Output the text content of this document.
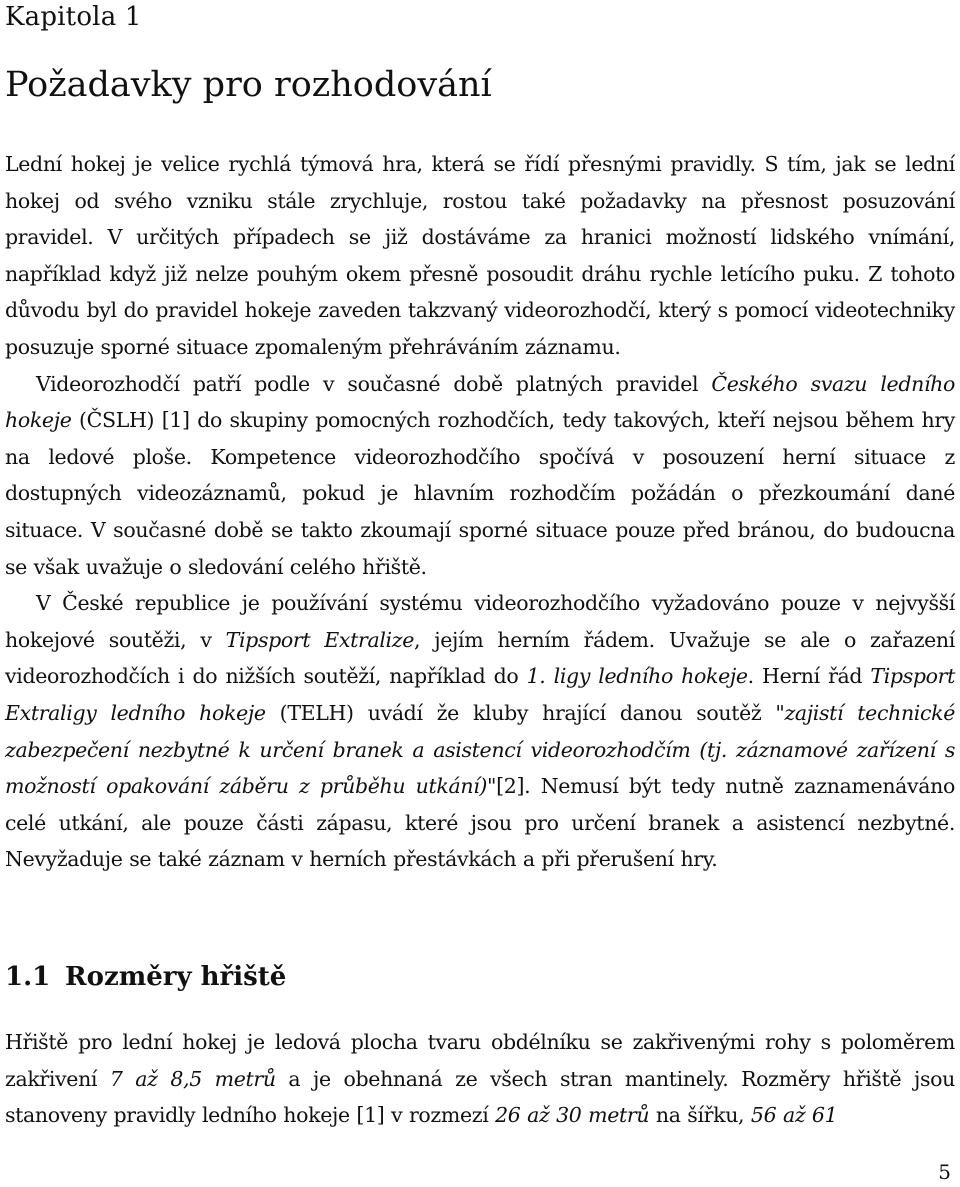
Kapitola 1
Požadavky pro rozhodování

Lední hokej je velice rychlá týmová hra, která se řídí přesnými pravidly. S tím, jak se lední hokej od svého vzniku stále zrychluje, rostou také požadavky na přesnost posuzování pravidel. V určitých případech se již dostáváme za hranici možností lidského vnímání, například když již nelze pouhým okem přesně posoudit dráhu rychle letícího puku. Z tohoto důvodu byl do pravidel hokeje zaveden takzvaný videorozhodčí, který s pomocí videotechniky posuzuje sporné situace zpomaleným přehráváním záznamu.

Videorozhodčí patří podle v současné době platných pravidel Českého svazu ledního hokeje (ČSLH) [1] do skupiny pomocných rozhodčích, tedy takových, kteří nejsou během hry na ledové ploše. Kompetence videorozhodčího spočívá v posouzení herní situace z dostupných videozáznamů, pokud je hlavním rozhodčím požádán o přezkoumání dané situace. V současné době se takto zkoumají sporné situace pouze před bránou, do budoucna se však uvažuje o sledování celého hřiště.

V České republice je používání systému videorozhodčího vyžadováno pouze v nejvyšší hokejové soutěži, v Tipsport Extralize, jejím herním řádem. Uvažuje se ale o zařazení videorozhodčích i do nižších soutěží, například do 1. ligy ledního hokeje. Herní řád Tipsport Extraligy ledního hokeje (TELH) uvádí že kluby hrající danou soutěž "zajistí technické zabezpečení nezbytné k určení branek a asistencí videorozhodčím (tj. záznamové zařízení s možností opakování záběru z průběhu utkání)"[2]. Nemusí být tedy nutně zaznamenáváno celé utkání, ale pouze části zápasu, které jsou pro určení branek a asistencí nezbytné. Nevyžaduje se také záznam v herních přestávkách a při přerušení hry.

1.1 Rozměry hřiště

Hřiště pro lední hokej je ledová plocha tvaru obdélníku se zakřivenými rohy s poloměrem zakřivení 7 až 8,5 metrů a je obehnaná ze všech stran mantinely. Rozměry hřiště jsou stanoveny pravidly ledního hokeje [1] v rozmezí 26 až 30 metrů na šířku, 56 až 61

5
